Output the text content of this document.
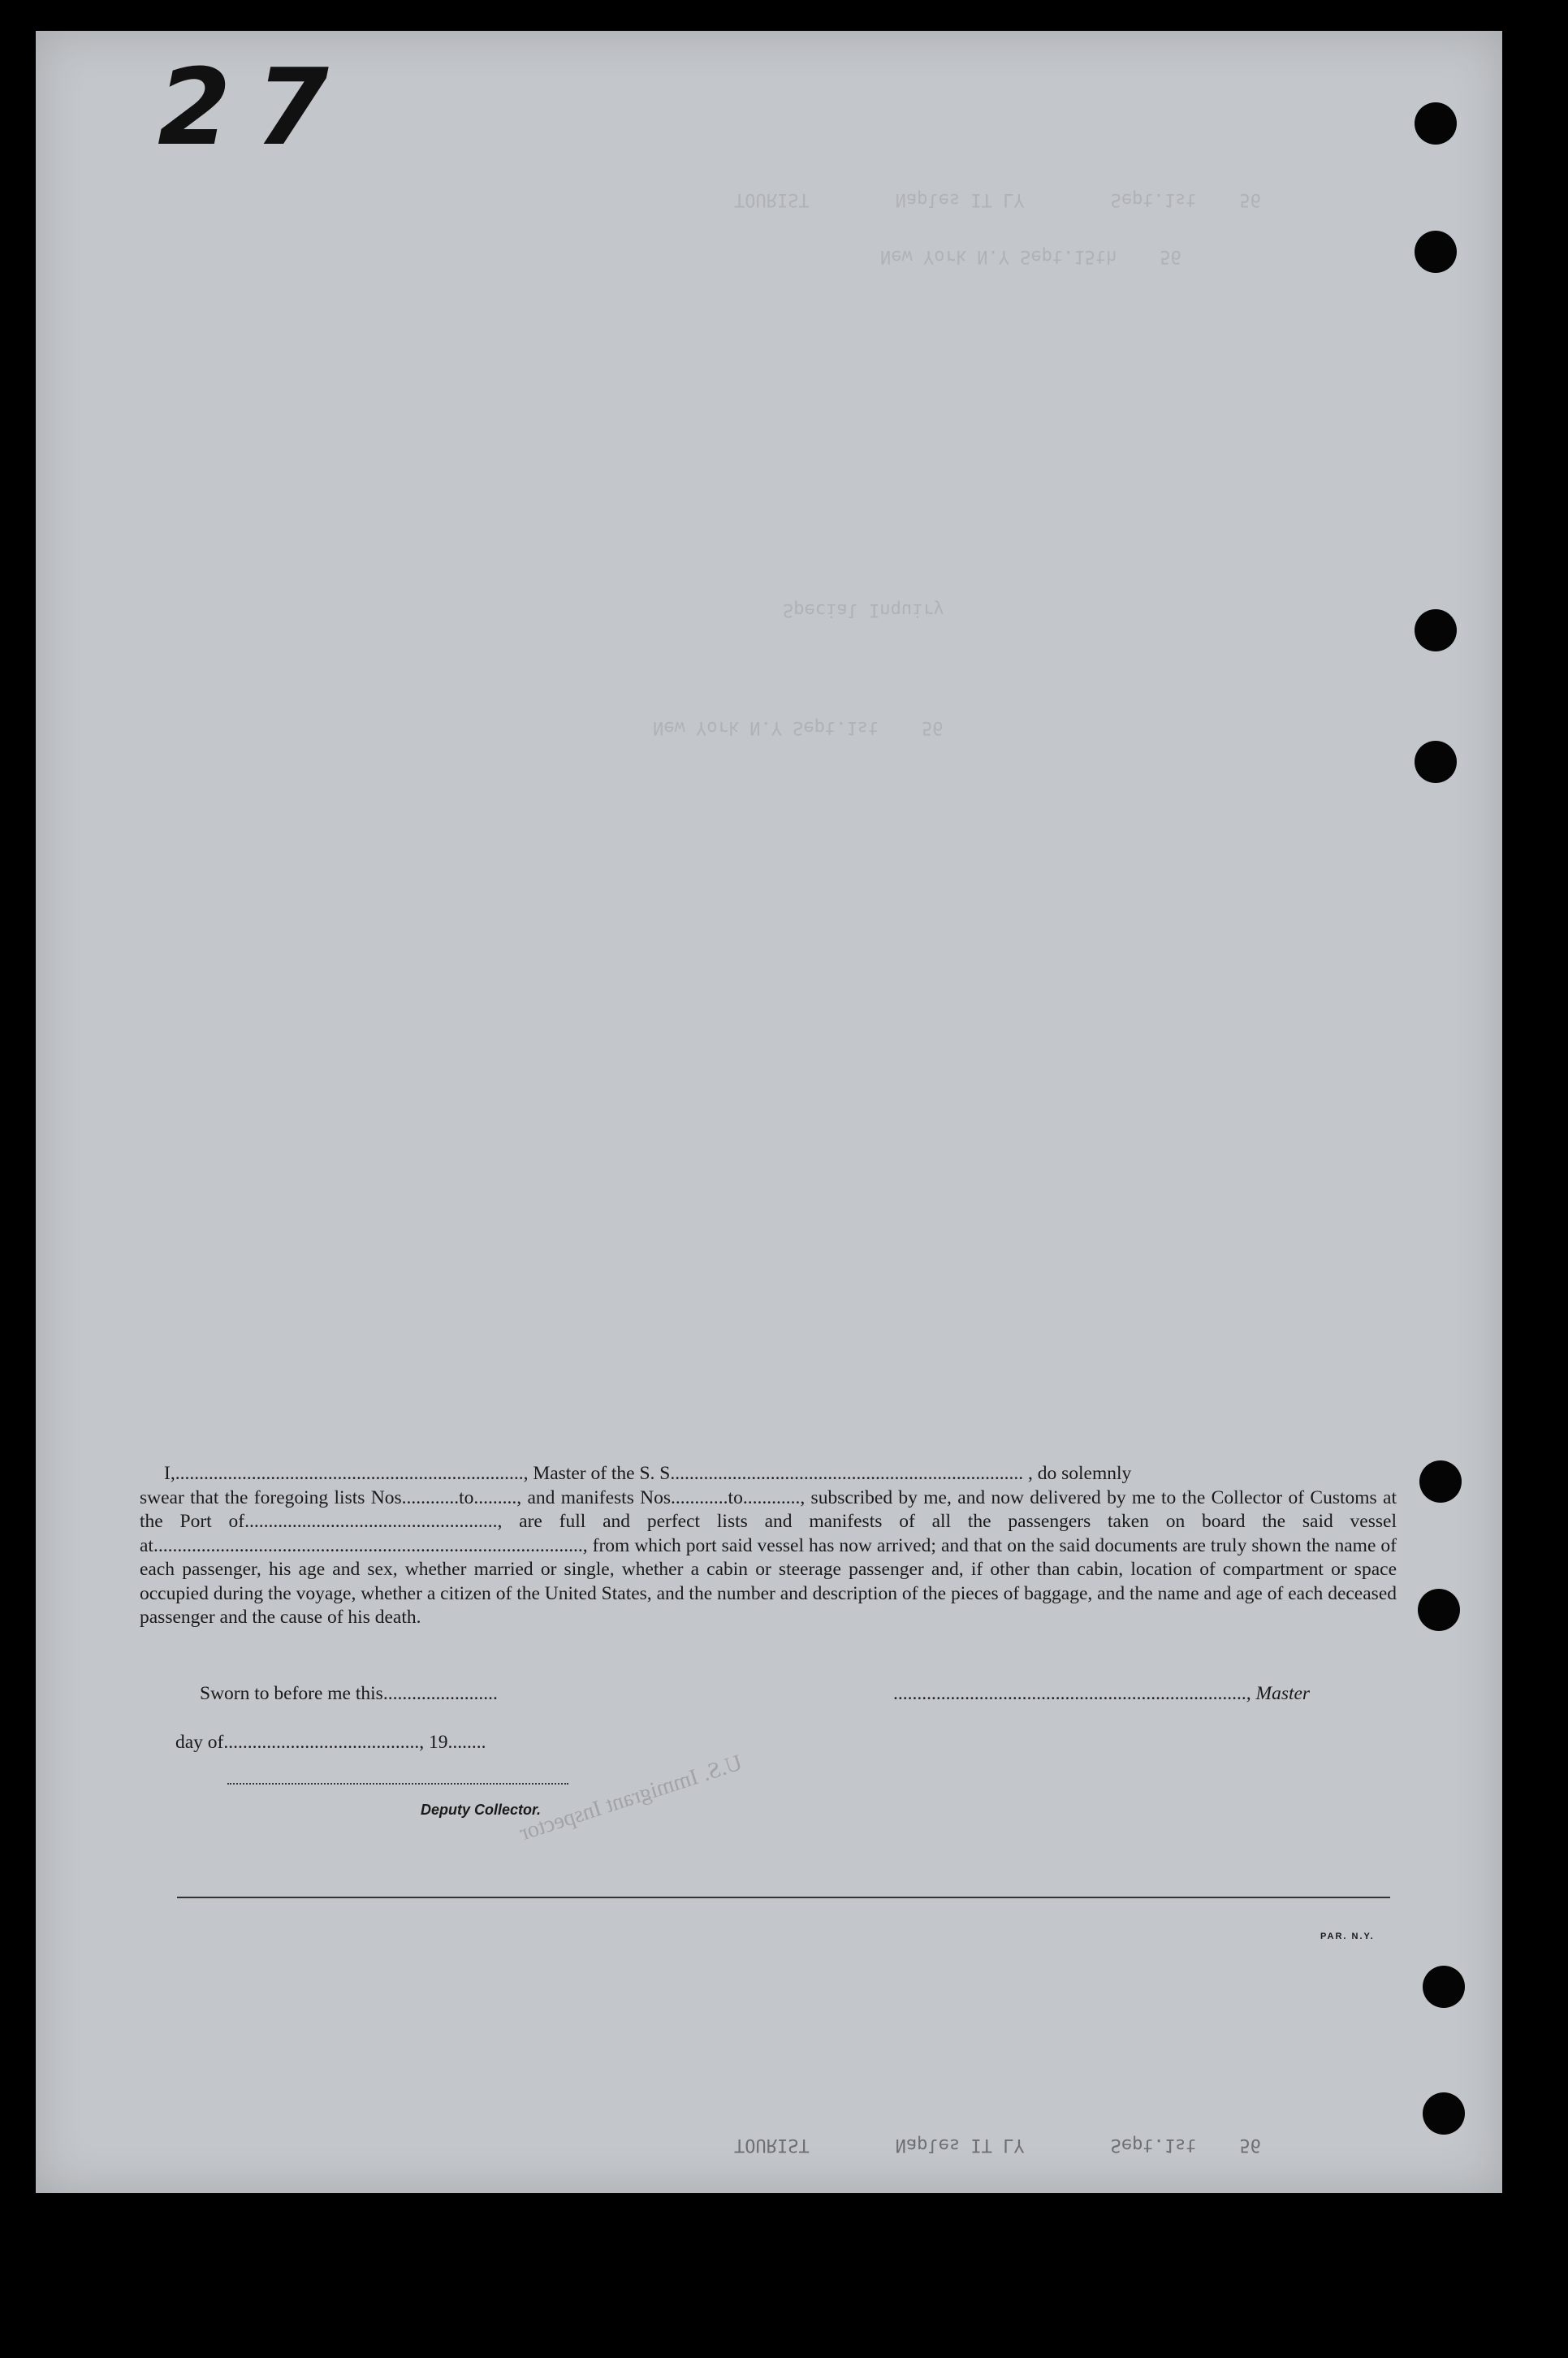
27
TOURIST        Naples IT LY        Sept.1st    56
New York N.Y Sept.15th    56
Special Inquiry
New York N.Y Sept.1st    56
TOURIST        Naples IT LY        Sept.1st    56
U.S. Immigrant Inspector

I,........................................................................., Master of the S. S.......................................................................... , do solemnly

swear that the foregoing lists Nos............to........., and manifests Nos............to............, subscribed by me, and now delivered by me to the Collector of Customs at the Port of....................................................., are full and perfect lists and manifests of all the passengers taken on board the said vessel at.........................................................................................., from which port said vessel has now arrived; and that on the said documents are truly shown the name of each passenger, his age and sex, whether married or single, whether a cabin or steerage passenger and, if other than cabin, location of compartment or space occupied during the voyage, whether a citizen of the United States, and the number and description of the pieces of baggage, and the name and age of each deceased passenger and the cause of his death.

Sworn to before me this........................	.........................................................................., Master
day of........................................., 19........
Deputy Collector.
PAR. N.Y.
